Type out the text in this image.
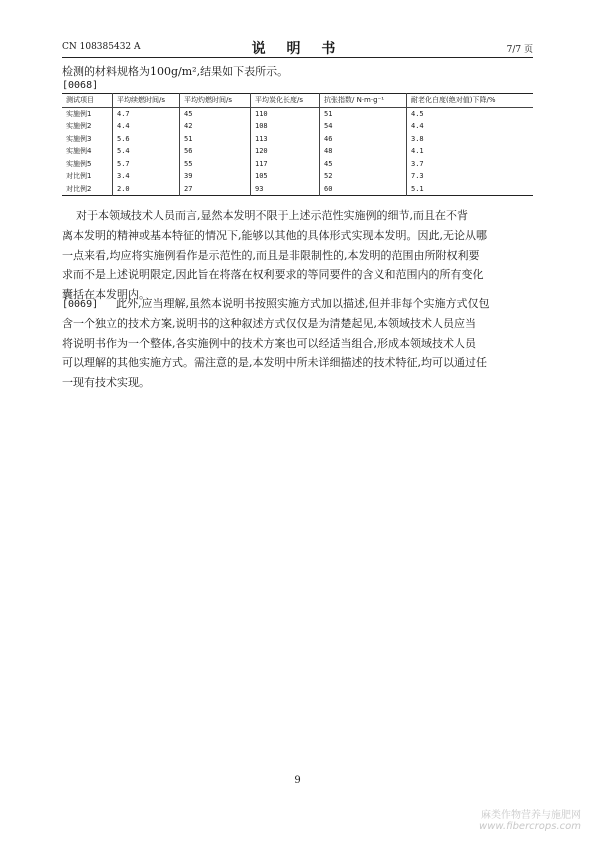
CN 108385432 A	说 明 书	7/7 页
检测的材料规格为100g/m²,结果如下表所示。
[0068]
测试项目	平均续燃时间/s	平均灼燃时间/s	平均炭化长度/s	抗张指数/ N·m·g⁻¹	耐老化白度(绝对值)下降/%
实施例1	4.7	45	110	51	4.5
实施例2	4.4	42	108	54	4.4
实施例3	5.6	51	113	46	3.8
实施例4	5.4	56	120	48	4.1
实施例5	5.7	55	117	45	3.7
对比例1	3.4	39	105	52	7.3
对比例2	2.0	27	93	60	5.1
对于本领域技术人员而言,显然本发明不限于上述示范性实施例的细节,而且在不背
离本发明的精神或基本特征的情况下,能够以其他的具体形式实现本发明。因此,无论从哪
一点来看,均应将实施例看作是示范性的,而且是非限制性的,本发明的范围由所附权利要
求而不是上述说明限定,因此旨在将落在权利要求的等同要件的含义和范围内的所有变化
囊括在本发明内。
[0069]	此外,应当理解,虽然本说明书按照实施方式加以描述,但并非每个实施方式仅包
含一个独立的技术方案,说明书的这种叙述方式仅仅是为清楚起见,本领域技术人员应当
将说明书作为一个整体,各实施例中的技术方案也可以经适当组合,形成本领域技术人员
可以理解的其他实施方式。需注意的是,本发明中所未详细描述的技术特征,均可以通过任
一现有技术实现。
9
麻类作物营养与施肥网
www.fibercrops.com
